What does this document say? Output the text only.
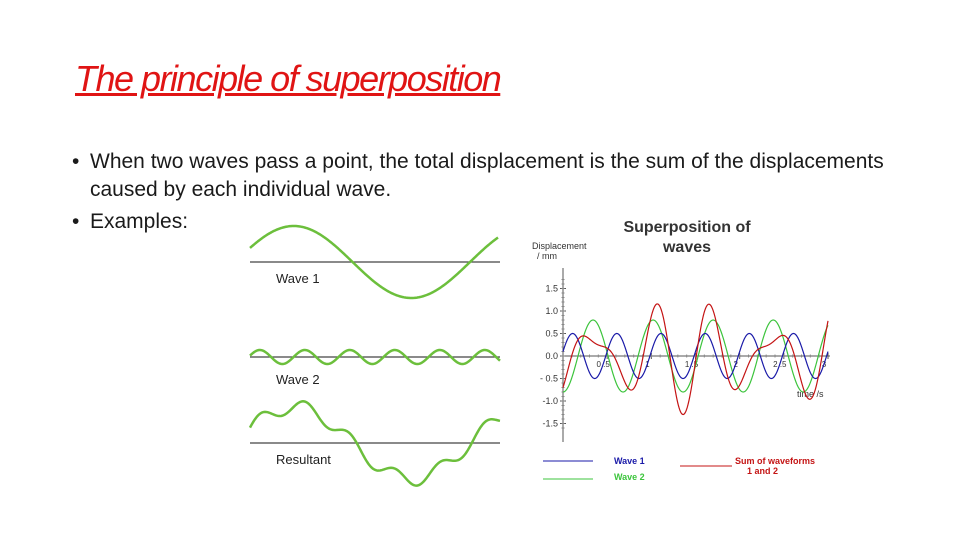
The principle of superposition
• When two waves pass a point, the total displacement is the sum of the displacements caused by each individual wave.
• Examples:
Wave 1
Wave 2
Resultant
Superposition of
waves
Displacement
/ mm
time /s
1.5
1.0
0.5
0.0
- 0.5
-1.0
-1.5
0 .5	1	1 .5	2	2 .5	3
Wave 1
Wave 2
Sum of waveforms
1 and 2
